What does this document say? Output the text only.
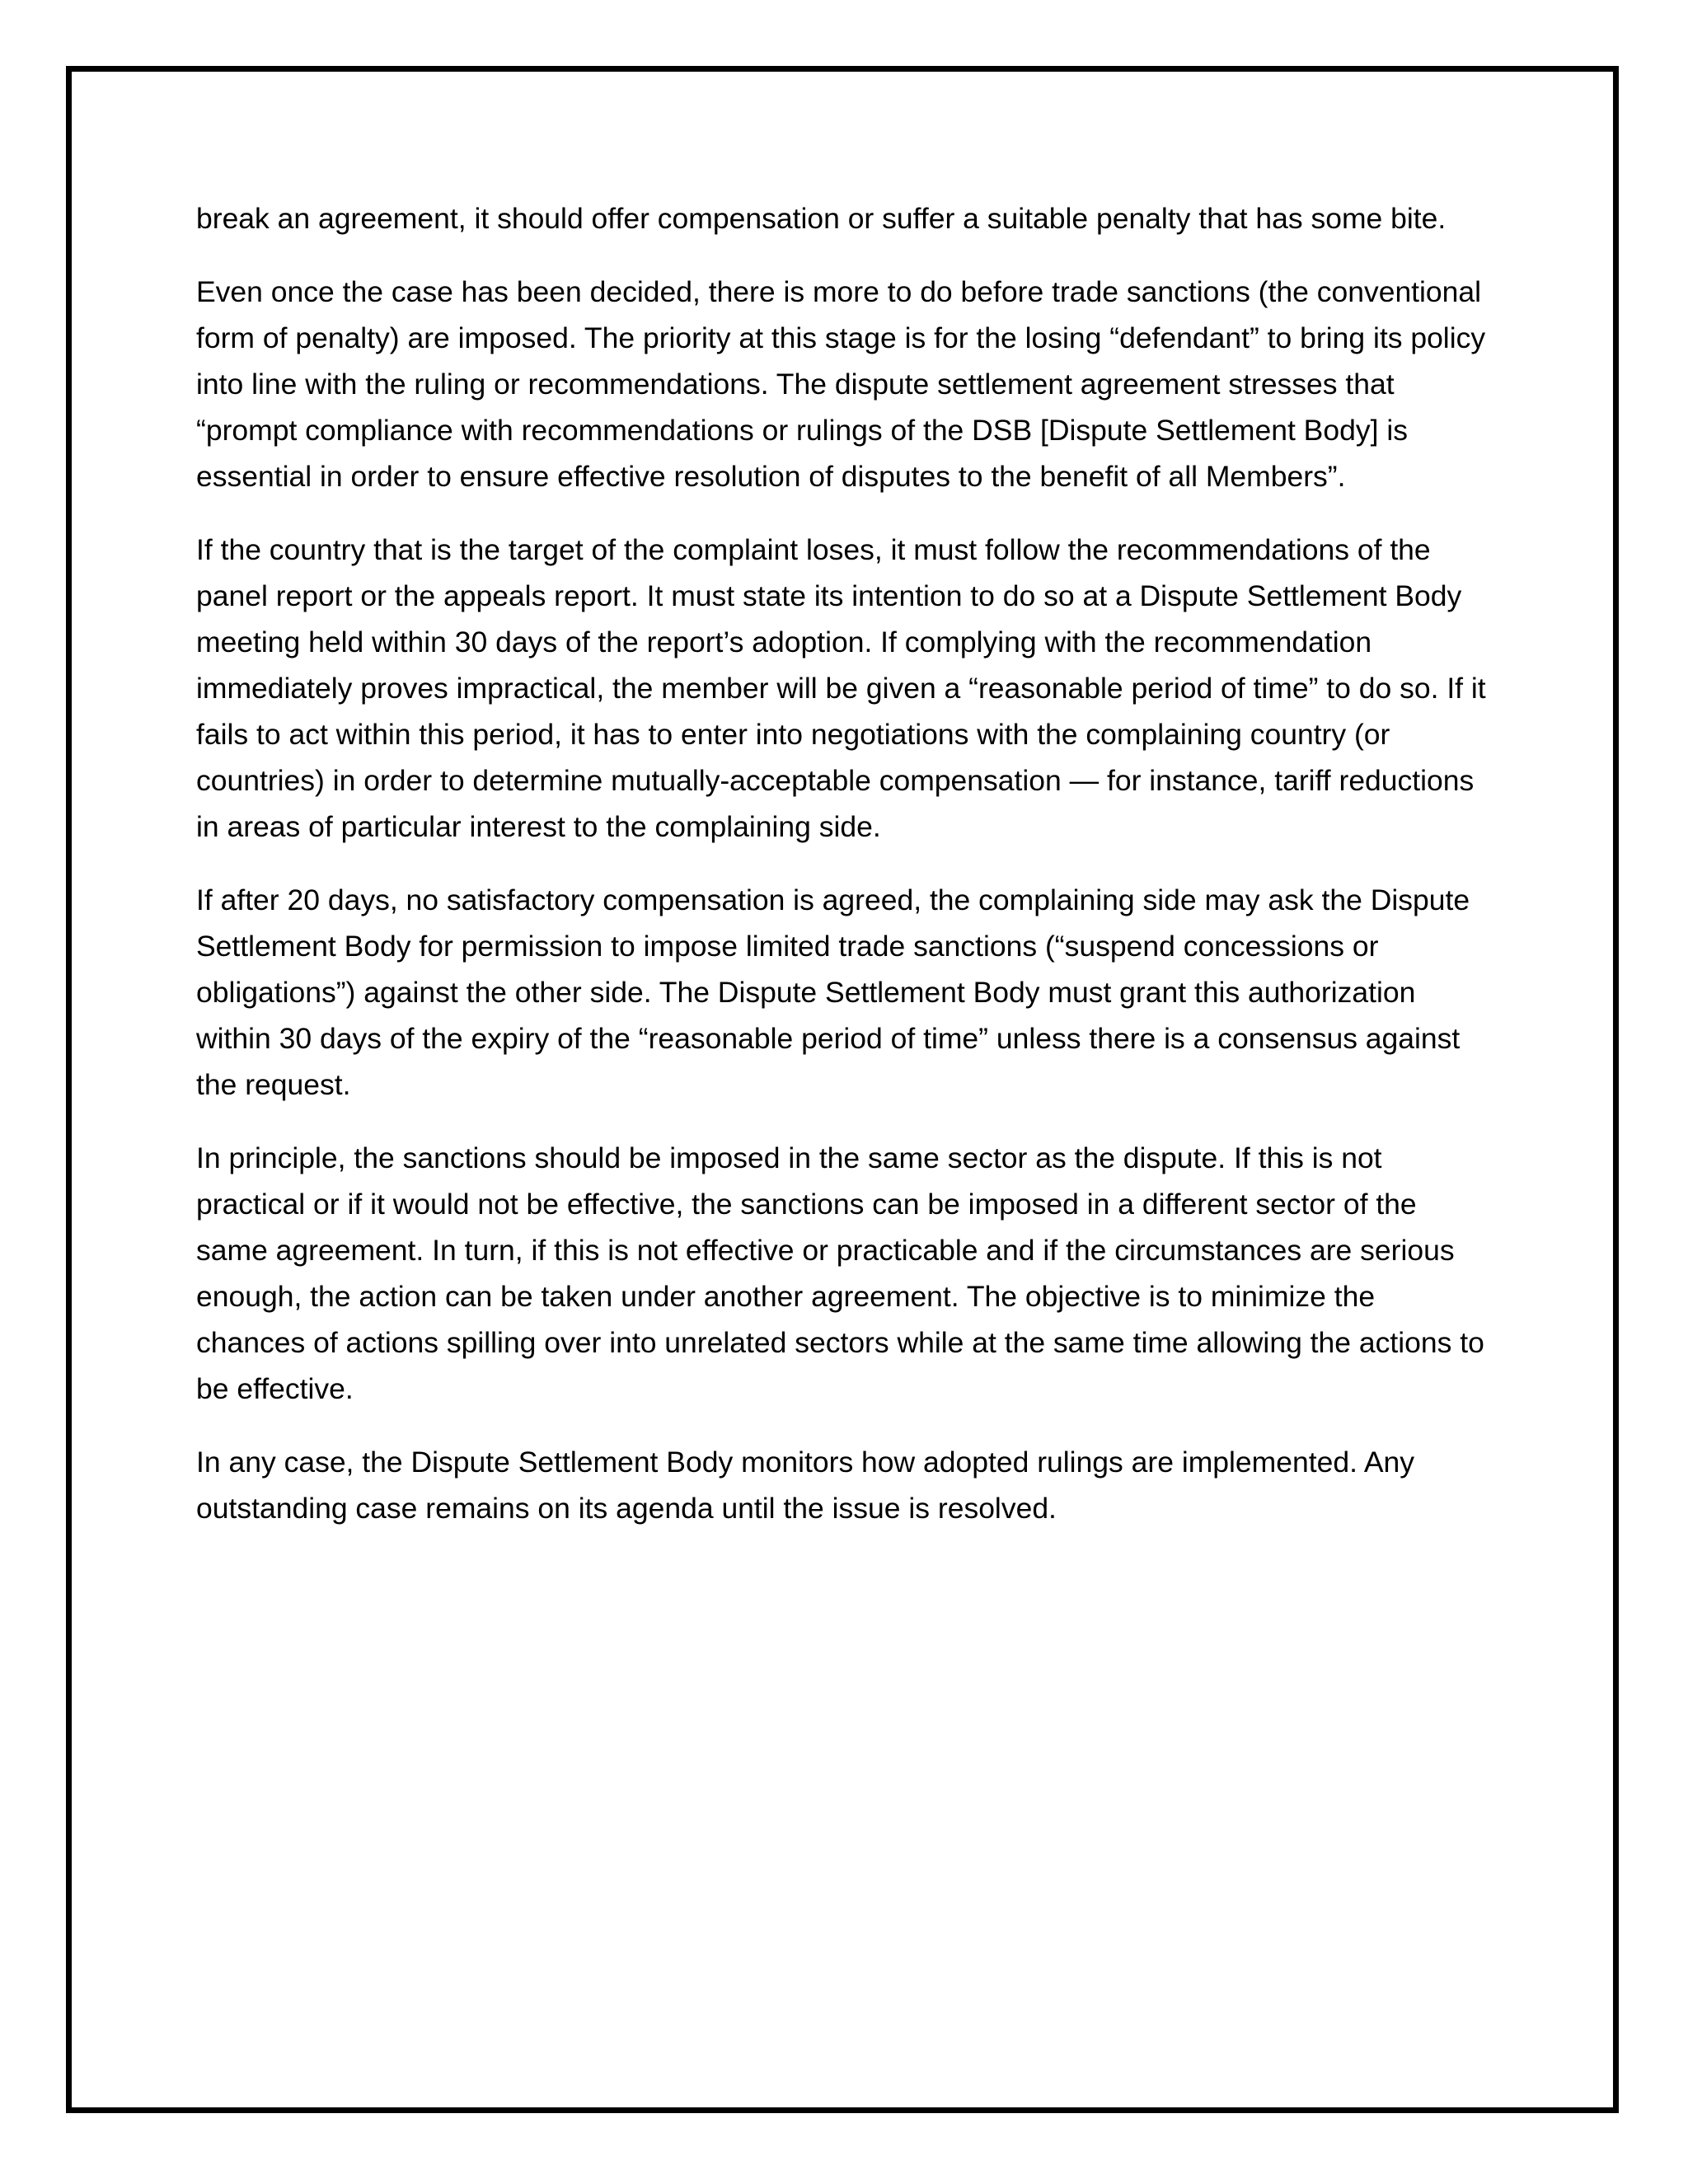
break an agreement, it should offer compensation or suffer a suitable penalty that has some bite.

Even once the case has been decided, there is more to do before trade sanctions (the conventional form of penalty) are imposed. The priority at this stage is for the losing “defendant” to bring its policy into line with the ruling or recommendations. The dispute settlement agreement stresses that “prompt compliance with recommendations or rulings of the DSB [Dispute Settlement Body] is essential in order to ensure effective resolution of disputes to the benefit of all Members”.

If the country that is the target of the complaint loses, it must follow the recommendations of the panel report or the appeals report. It must state its intention to do so at a Dispute Settlement Body meeting held within 30 days of the report’s adoption. If complying with the recommendation immediately proves impractical, the member will be given a “reasonable period of time” to do so. If it fails to act within this period, it has to enter into negotiations with the complaining country (or countries) in order to determine mutually-acceptable compensation — for instance, tariff reductions in areas of particular interest to the complaining side.

If after 20 days, no satisfactory compensation is agreed, the complaining side may ask the Dispute Settlement Body for permission to impose limited trade sanctions (“suspend concessions or obligations”) against the other side. The Dispute Settlement Body must grant this authorization within 30 days of the expiry of the “reasonable period of time” unless there is a consensus against the request.

In principle, the sanctions should be imposed in the same sector as the dispute. If this is not practical or if it would not be effective, the sanctions can be imposed in a different sector of the same agreement. In turn, if this is not effective or practicable and if the circumstances are serious enough, the action can be taken under another agreement. The objective is to minimize the chances of actions spilling over into unrelated sectors while at the same time allowing the actions to be effective.

In any case, the Dispute Settlement Body monitors how adopted rulings are implemented. Any outstanding case remains on its agenda until the issue is resolved.
